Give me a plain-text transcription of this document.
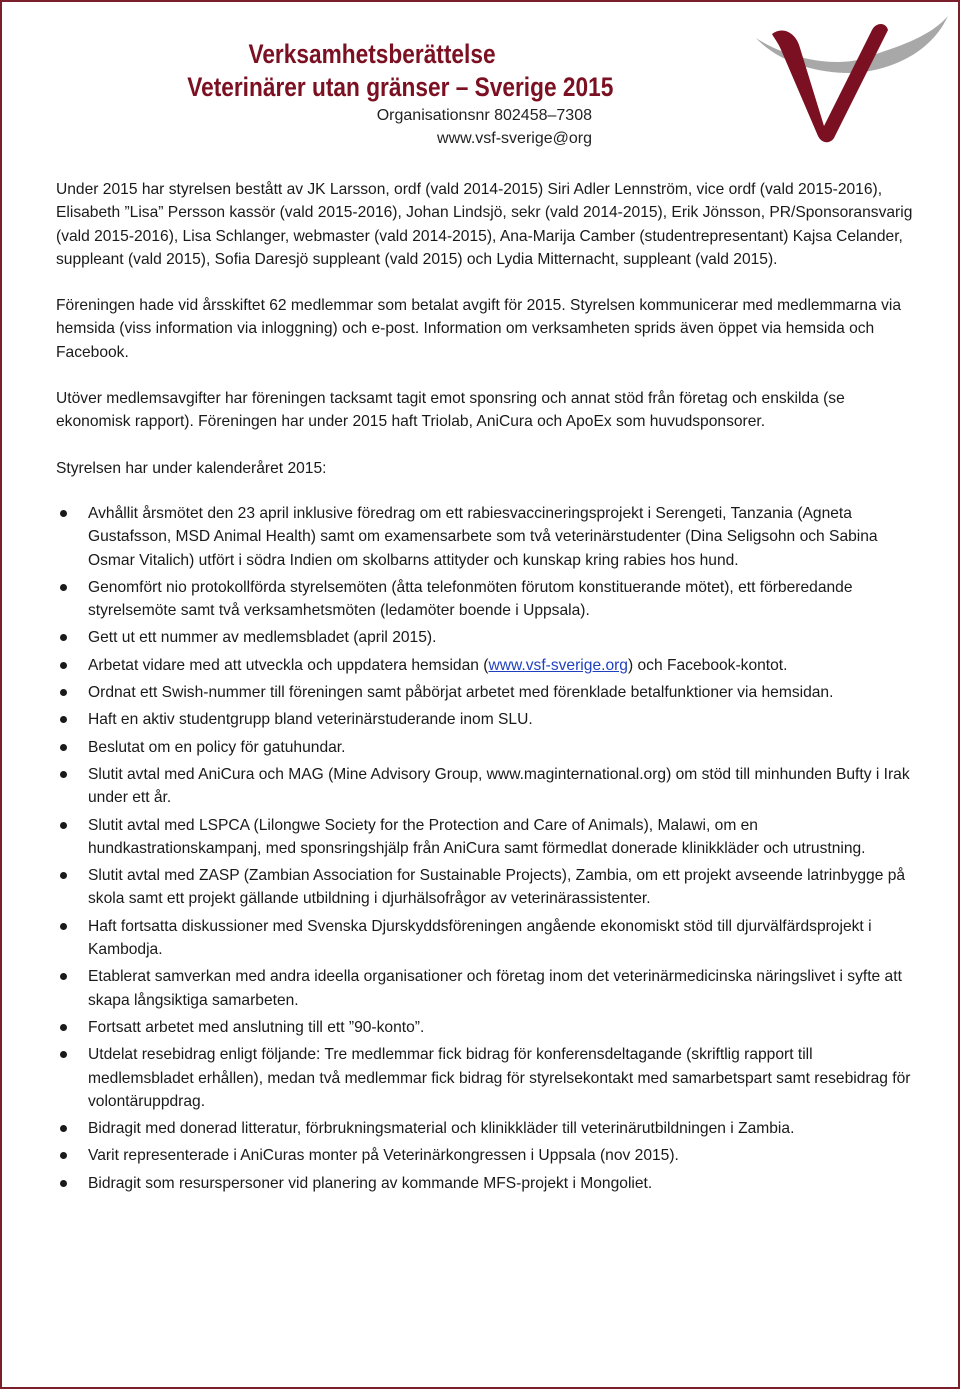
Verksamhetsberättelse
Veterinärer utan gränser – Sverige 2015
Organisationsnr 802458–7308
www.vsf-sverige@org

Under 2015 har styrelsen bestått av JK Larsson, ordf (vald 2014-2015) Siri Adler Lennström, vice ordf (vald 2015-2016), Elisabeth ”Lisa” Persson kassör (vald 2015-2016), Johan Lindsjö, sekr (vald 2014-2015), Erik Jönsson, PR/Sponsoransvarig (vald 2015-2016), Lisa Schlanger, webmaster (vald 2014-2015), Ana-Marija Camber (studentrepresentant) Kajsa Celander, suppleant (vald 2015), Sofia Daresjö suppleant (vald 2015) och Lydia Mitternacht, suppleant (vald 2015).

Föreningen hade vid årsskiftet 62 medlemmar som betalat avgift för 2015. Styrelsen kommunicerar med medlemmarna via hemsida (viss information via inloggning) och e-post. Information om verksamheten sprids även öppet via hemsida och Facebook.

Utöver medlemsavgifter har föreningen tacksamt tagit emot sponsring och annat stöd från företag och enskilda (se ekonomisk rapport). Föreningen har under 2015 haft Triolab, AniCura och ApoEx som huvudsponsorer.

Styrelsen har under kalenderåret 2015:

Avhållit årsmötet den 23 april inklusive föredrag om ett rabiesvaccineringsprojekt i Serengeti, Tanzania (Agneta Gustafsson, MSD Animal Health) samt om examensarbete som två veterinärstudenter (Dina Seligsohn och Sabina Osmar Vitalich) utfört i södra Indien om skolbarns attityder och kunskap kring rabies hos hund.
Genomfört nio protokollförda styrelsemöten (åtta telefonmöten förutom konstituerande mötet), ett förberedande styrelsemöte samt två verksamhetsmöten (ledamöter boende i Uppsala).
Gett ut ett nummer av medlemsbladet (april 2015).
Arbetat vidare med att utveckla och uppdatera hemsidan (www.vsf-sverige.org) och Facebook-kontot.
Ordnat ett Swish-nummer till föreningen samt påbörjat arbetet med förenklade betalfunktioner via hemsidan.
Haft en aktiv studentgrupp bland veterinärstuderande inom SLU.
Beslutat om en policy för gatuhundar.
Slutit avtal med AniCura och MAG (Mine Advisory Group, www.maginternational.org) om stöd till minhunden Bufty i Irak under ett år.
Slutit avtal med LSPCA (Lilongwe Society for the Protection and Care of Animals), Malawi, om en hundkastrationskampanj, med sponsringshjälp från AniCura samt förmedlat donerade klinikkläder och utrustning.
Slutit avtal med ZASP (Zambian Association for Sustainable Projects), Zambia, om ett projekt avseende latrinbygge på skola samt ett projekt gällande utbildning i djurhälsofrågor av veterinärassistenter.
Haft fortsatta diskussioner med Svenska Djurskyddsföreningen angående ekonomiskt stöd till djurvälfärdsprojekt i Kambodja.
Etablerat samverkan med andra ideella organisationer och företag inom det veterinärmedicinska näringslivet i syfte att skapa långsiktiga samarbeten.
Fortsatt arbetet med anslutning till ett ”90-konto”.
Utdelat resebidrag enligt följande: Tre medlemmar fick bidrag för konferensdeltagande (skriftlig rapport till medlemsbladet erhållen), medan två medlemmar fick bidrag för styrelsekontakt med samarbetspart samt resebidrag för volontäruppdrag.
Bidragit med donerad litteratur, förbrukningsmaterial och klinikkläder till veterinärutbildningen i Zambia.
Varit representerade i AniCuras monter på Veterinärkongressen i Uppsala (nov 2015).
Bidragit som resurspersoner vid planering av kommande MFS-projekt i Mongoliet.
